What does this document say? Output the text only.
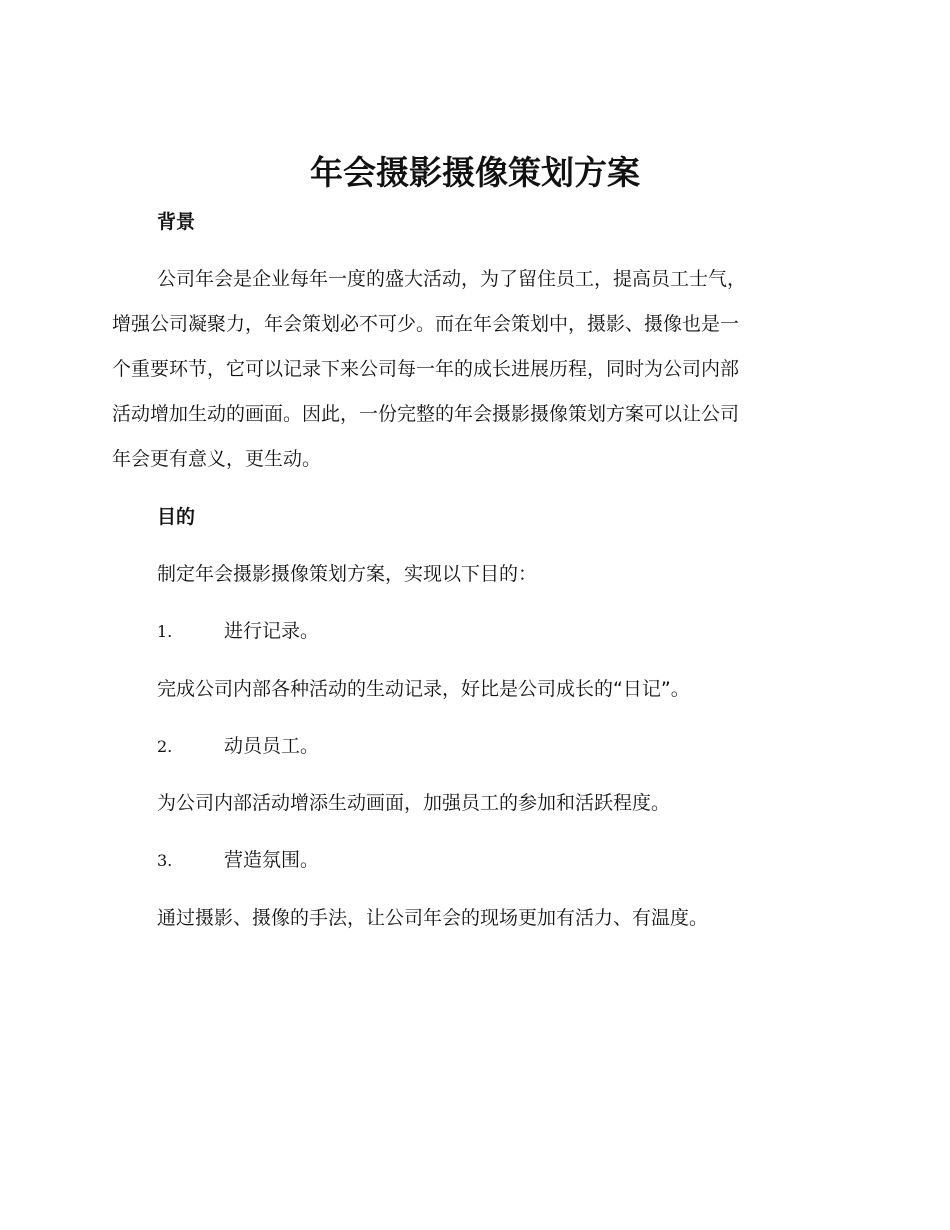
年会摄影摄像策划方案
背景
公司年会是企业每年一度的盛大活动，为了留住员工，提高员工士气，
增强公司凝聚力，年会策划必不可少。而在年会策划中，摄影、摄像也是一
个重要环节，它可以记录下来公司每一年的成长进展历程，同时为公司内部
活动增加生动的画面。因此，一份完整的年会摄影摄像策划方案可以让公司
年会更有意义，更生动。
目的
制定年会摄影摄像策划方案，实现以下目的：
1.	进行记录。
完成公司内部各种活动的生动记录，好比是公司成长的“日记”。
2.	动员员工。
为公司内部活动增添生动画面，加强员工的参加和活跃程度。
3.	营造氛围。
通过摄影、摄像的手法，让公司年会的现场更加有活力、有温度。
